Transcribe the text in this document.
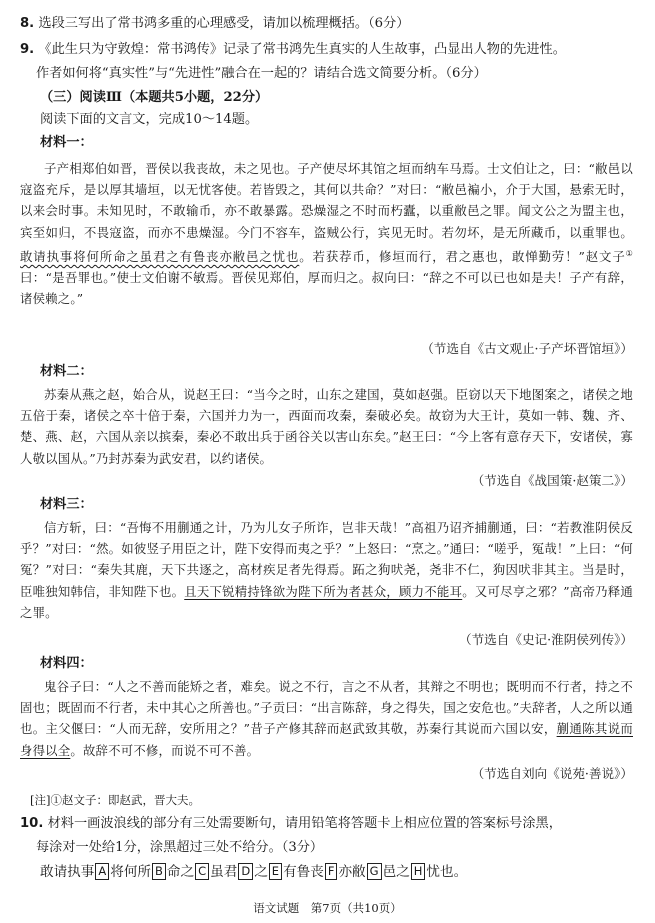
8. 选段三写出了常书鸿多重的心理感受，请加以梳理概括。（6分）
9. 《此生只为守敦煌：常书鸿传》记录了常书鸿先生真实的人生故事，凸显出人物的先进性。
作者如何将“真实性”与“先进性”融合在一起的？请结合选文简要分析。（6分）
（三）阅读Ⅲ（本题共5小题，22分）
阅读下面的文言文，完成10～14题。
材料一：
子产相郑伯如晋，晋侯以我丧故，未之见也。子产使尽坏其馆之垣而纳车马焉。士文伯让之，曰：“敝邑以寇盗充斥，是以厚其墙垣，以无忧客使。若皆毁之，其何以共命？”对曰：“敝邑褊小，介于大国，悬索无时，以来会时事。未知见时，不敢输币，亦不敢暴露。恐燥湿之不时而朽蠹，以重敝邑之罪。闻文公之为盟主也，宾至如归，不畏寇盗，而亦不患燥湿。今门不容车，盗贼公行，宾见无时。若勿坏，是无所藏币，以重罪也。敢请执事将何所命之虽君之有鲁丧亦敝邑之忧也。若获荐币，修垣而行，君之惠也，敢惮勤劳！”赵文子①曰：“是吾罪也。”使士文伯谢不敏焉。晋侯见郑伯，厚而归之。叔向曰：“辞之不可以已也如是夫！子产有辞，诸侯赖之。”
（节选自《古文观止·子产坏晋馆垣》）
材料二：
苏秦从燕之赵，始合从，说赵王曰：“当今之时，山东之建国，莫如赵强。臣窃以天下地图案之，诸侯之地五倍于秦，诸侯之卒十倍于秦，六国并力为一，西面而攻秦，秦破必矣。故窃为大王计，莫如一韩、魏、齐、楚、燕、赵，六国从亲以摈秦，秦必不敢出兵于函谷关以害山东矣。”赵王曰：“今上客有意存天下，安诸侯，寡人敬以国从。”乃封苏秦为武安君，以约诸侯。
（节选自《战国策·赵策二》）
材料三：
信方斩，曰：“吾悔不用蒯通之计，乃为儿女子所诈，岂非天哉！”高祖乃诏齐捕蒯通，曰：“若教淮阴侯反乎？”对曰：“然。如彼竖子用臣之计，陛下安得而夷之乎？”上怒曰：“烹之。”通曰：“嗟乎，冤哉！”上曰：“何冤？”对曰：“秦失其鹿，天下共逐之，高材疾足者先得焉。跖之狗吠尧，尧非不仁，狗因吠非其主。当是时，臣唯独知韩信，非知陛下也。且天下锐精持锋欲为陛下所为者甚众，顾力不能耳。又可尽亨之邪？”高帝乃释通之罪。
（节选自《史记·淮阴侯列传》）
材料四：
鬼谷子曰：“人之不善而能矫之者，难矣。说之不行，言之不从者，其辩之不明也；既明而不行者，持之不固也；既固而不行者，未中其心之所善也。”子贡曰：“出言陈辞，身之得失，国之安危也。”夫辞者，人之所以通也。主父偃曰：“人而无辞，安所用之？”昔子产修其辞而赵武致其敬，苏秦行其说而六国以安，蒯通陈其说而身得以全。故辞不可不修，而说不可不善。
（节选自刘向《说苑·善说》）
[注]①赵文子：即赵武，晋大夫。
10. 材料一画波浪线的部分有三处需要断句，请用铅笔将答题卡上相应位置的答案标号涂黑，
每涂对一处给1分，涂黑超过三处不给分。（3分）
敢请执事 A 将何所 B 命之 C 虽君 D 之 E 有鲁丧 F 亦敝 G 邑之 H 忧也。
语文试题　第7页（共10页）
